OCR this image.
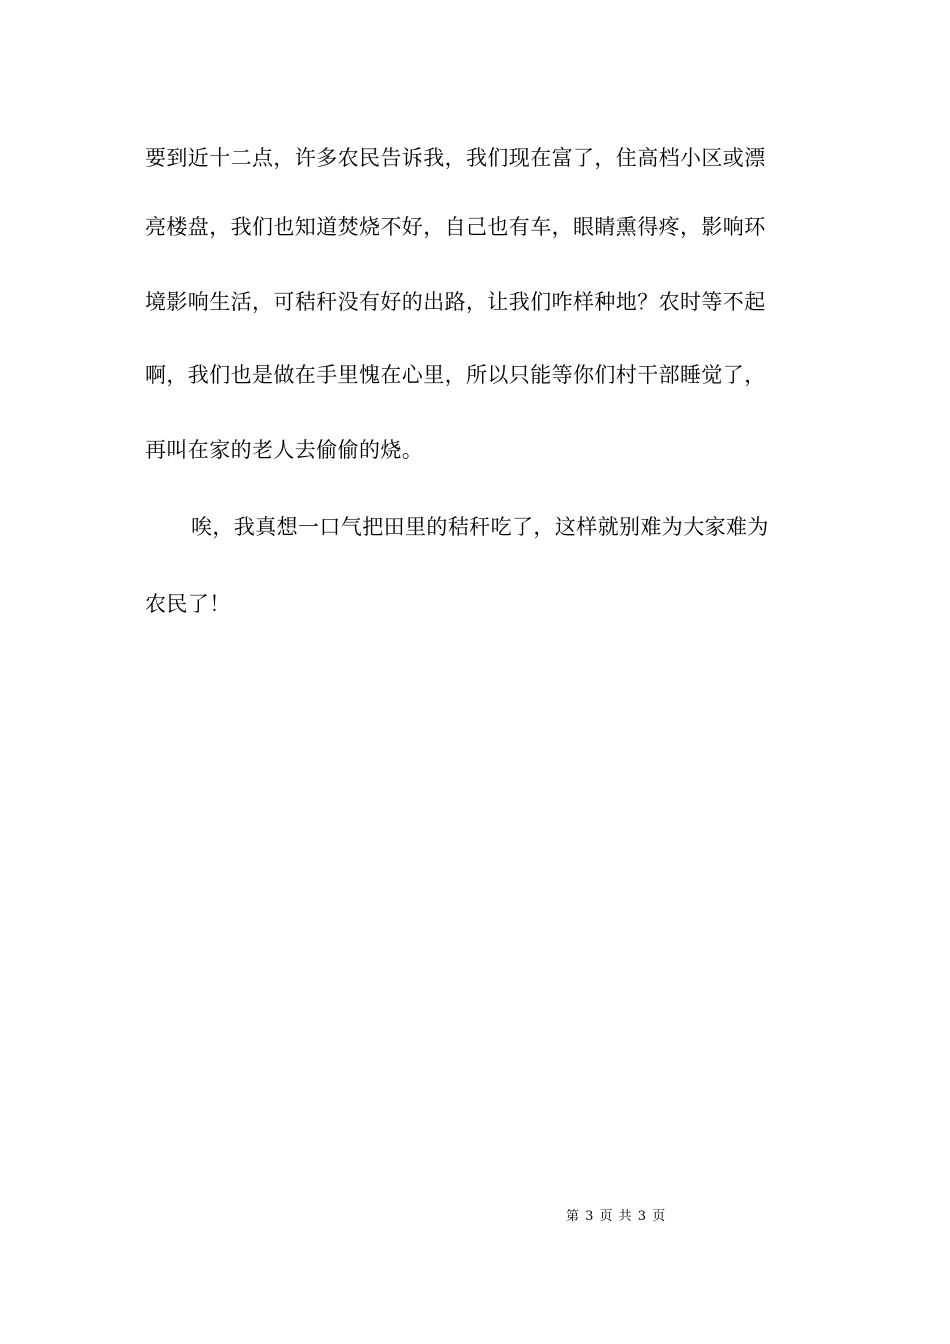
要到近十二点，许多农民告诉我，我们现在富了，住高档小区或漂
亮楼盘，我们也知道焚烧不好，自己也有车，眼睛熏得疼，影响环
境影响生活，可秸秆没有好的出路，让我们咋样种地？农时等不起
啊，我们也是做在手里愧在心里，所以只能等你们村干部睡觉了，
再叫在家的老人去偷偷的烧。
唉，我真想一口气把田里的秸秆吃了，这样就别难为大家难为
农民了！
第 3 页 共 3 页
